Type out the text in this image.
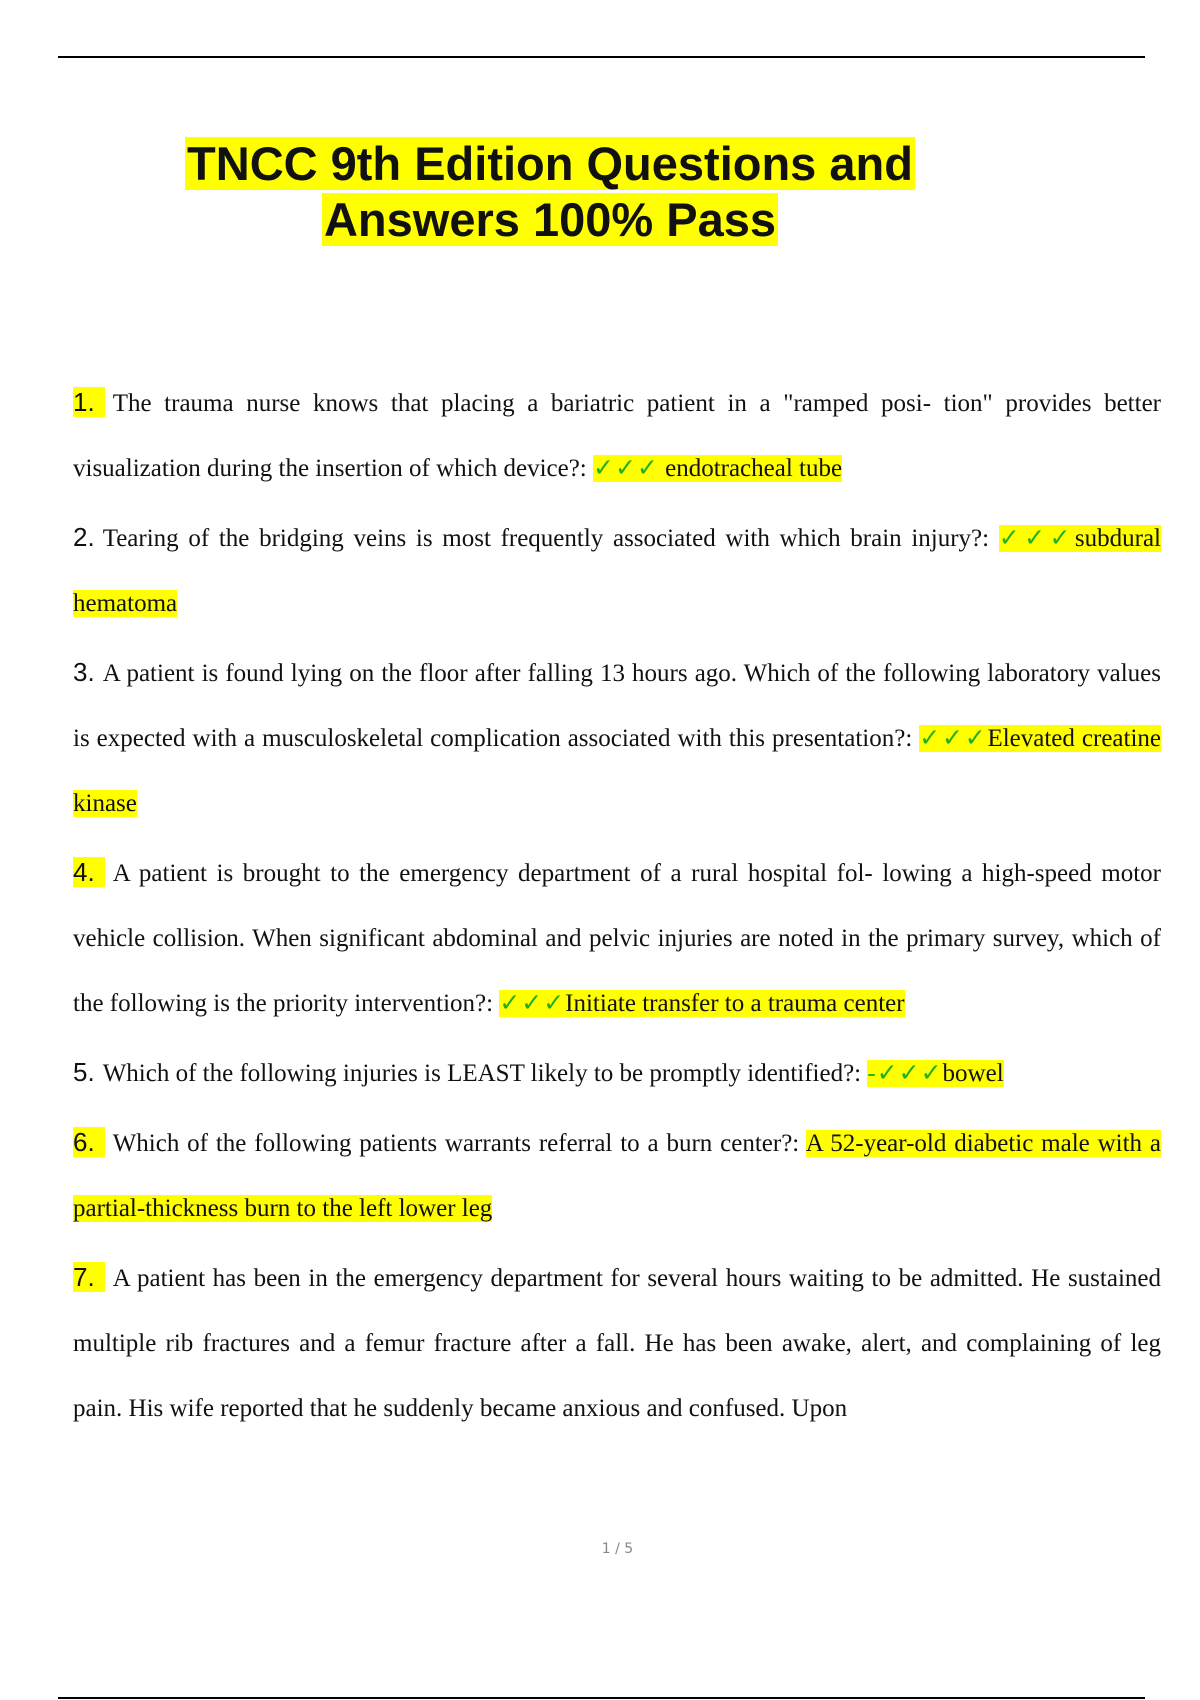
TNCC 9th Edition Questions and
Answers 100% Pass

1. The trauma nurse knows that placing a bariatric patient in a "ramped posi- tion" provides better visualization during the insertion of which device?: ✓✓✓ endotracheal tube

2. Tearing of the bridging veins is most frequently associated with which brain injury?: ✓✓✓subdural hematoma

3. A patient is found lying on the floor after falling 13 hours ago. Which of the following laboratory values is expected with a musculoskeletal complication associated with this presentation?: ✓✓✓Elevated creatine kinase

4. A patient is brought to the emergency department of a rural hospital fol- lowing a high-speed motor vehicle collision. When significant abdominal and pelvic injuries are noted in the primary survey, which of the following is the priority intervention?: ✓✓✓Initiate transfer to a trauma center

5. Which of the following injuries is LEAST likely to be promptly identified?: -✓✓✓bowel

6. Which of the following patients warrants referral to a burn center?: A 52-year-old diabetic male with a partial-thickness burn to the left lower leg

7. A patient has been in the emergency department for several hours waiting to be admitted. He sustained multiple rib fractures and a femur fracture after a fall. He has been awake, alert, and complaining of leg pain. His wife reported that he suddenly became anxious and confused. Upon

1 / 5
